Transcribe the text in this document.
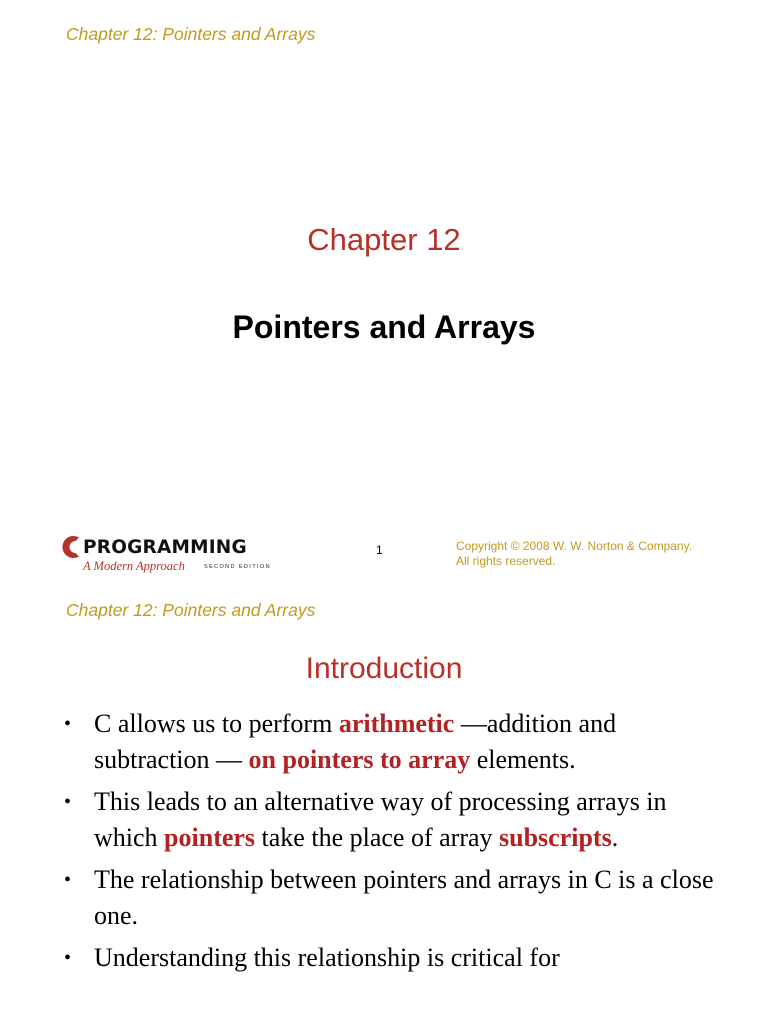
Chapter 12: Pointers and Arrays
Chapter 12
Pointers and Arrays
PROGRAMMING
A Modern Approach	SECOND EDITION
1	Copyright © 2008 W. W. Norton & Company.
All rights reserved.
Chapter 12: Pointers and Arrays
Introduction
• C allows us to perform arithmetic —addition and subtraction — on pointers to array elements.
• This leads to an alternative way of processing arrays in which pointers take the place of array subscripts.
• The relationship between pointers and arrays in C is a close one.
• Understanding this relationship is critical for
